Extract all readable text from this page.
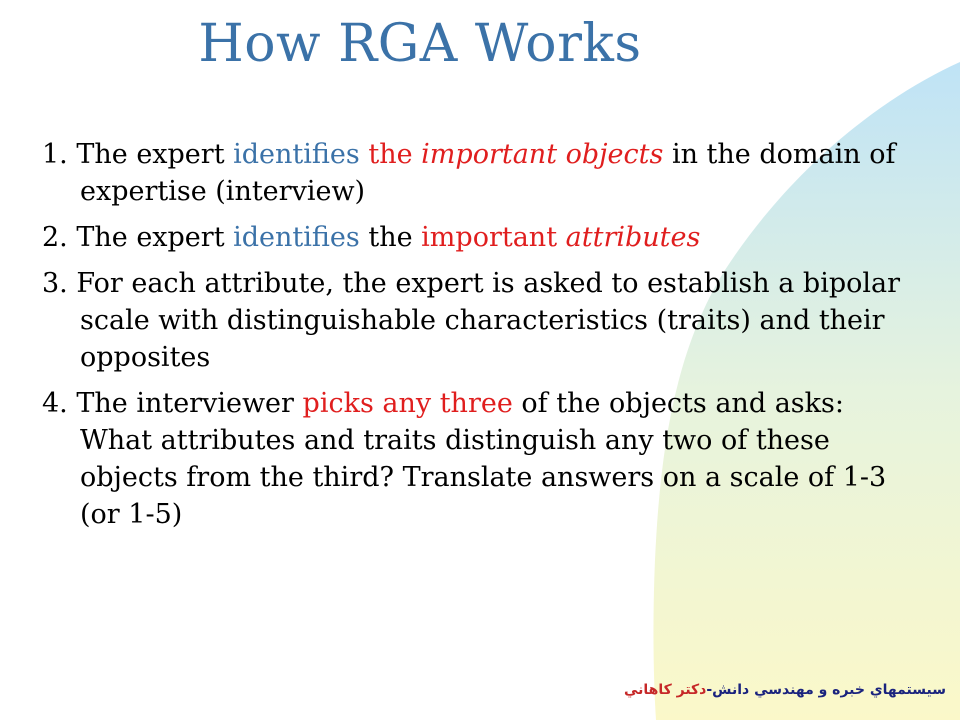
How RGA Works

1. The expert identifies the important objects in the domain of expertise (interview)

2. The expert identifies the important attributes

3. For each attribute, the expert is asked to establish a bipolar scale with distinguishable characteristics (traits) and their opposites

4. The interviewer picks any three of the objects and asks: What attributes and traits distinguish any two of these objects from the third? Translate answers on a scale of 1-3 (or 1-5)

سيستمهاي خبره و مهندسي دانش-دكتر كاهاني
